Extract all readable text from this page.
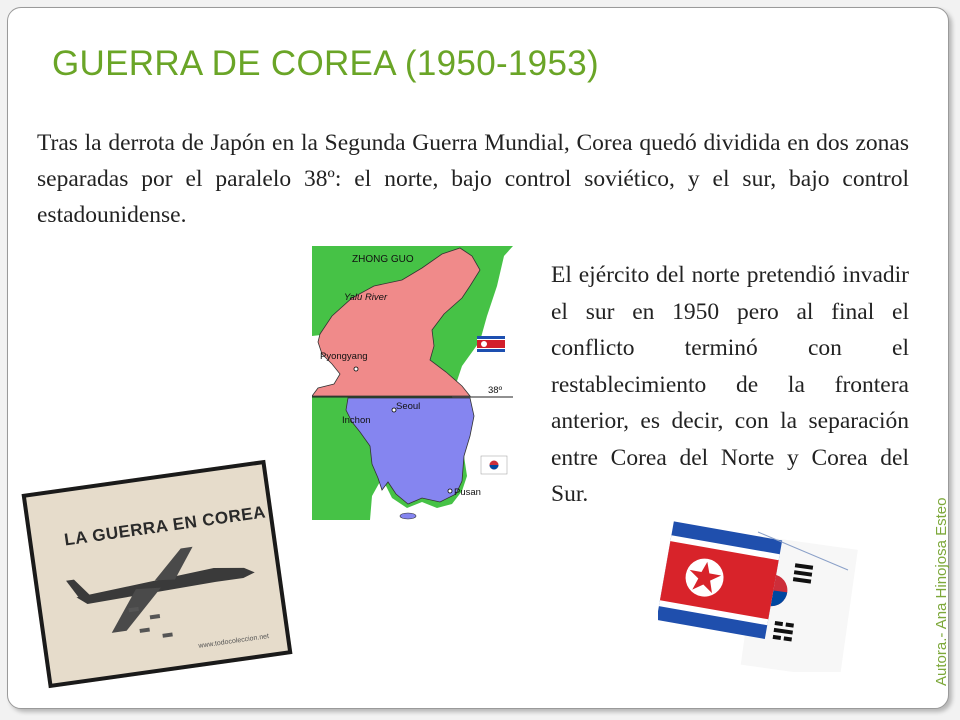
GUERRA DE COREA (1950-1953)
Tras la derrota de Japón en la Segunda Guerra Mundial, Corea quedó dividida en dos zonas separadas por el paralelo 38º: el norte, bajo control soviético, y el sur, bajo control estadounidense.
El ejército del norte pretendió invadir el sur en 1950 pero al final el conflicto terminó con el restablecimiento de la frontera anterior, es decir, con la separación entre Corea del Norte y Corea del Sur.
Autora.- Ana Hinojosa Esteo
ZHONG GUO
Yalu River
Pyongyang
38º
Seoul
Inchon
Pusan
LA GUERRA EN COREA
www.todocoleccion.net
